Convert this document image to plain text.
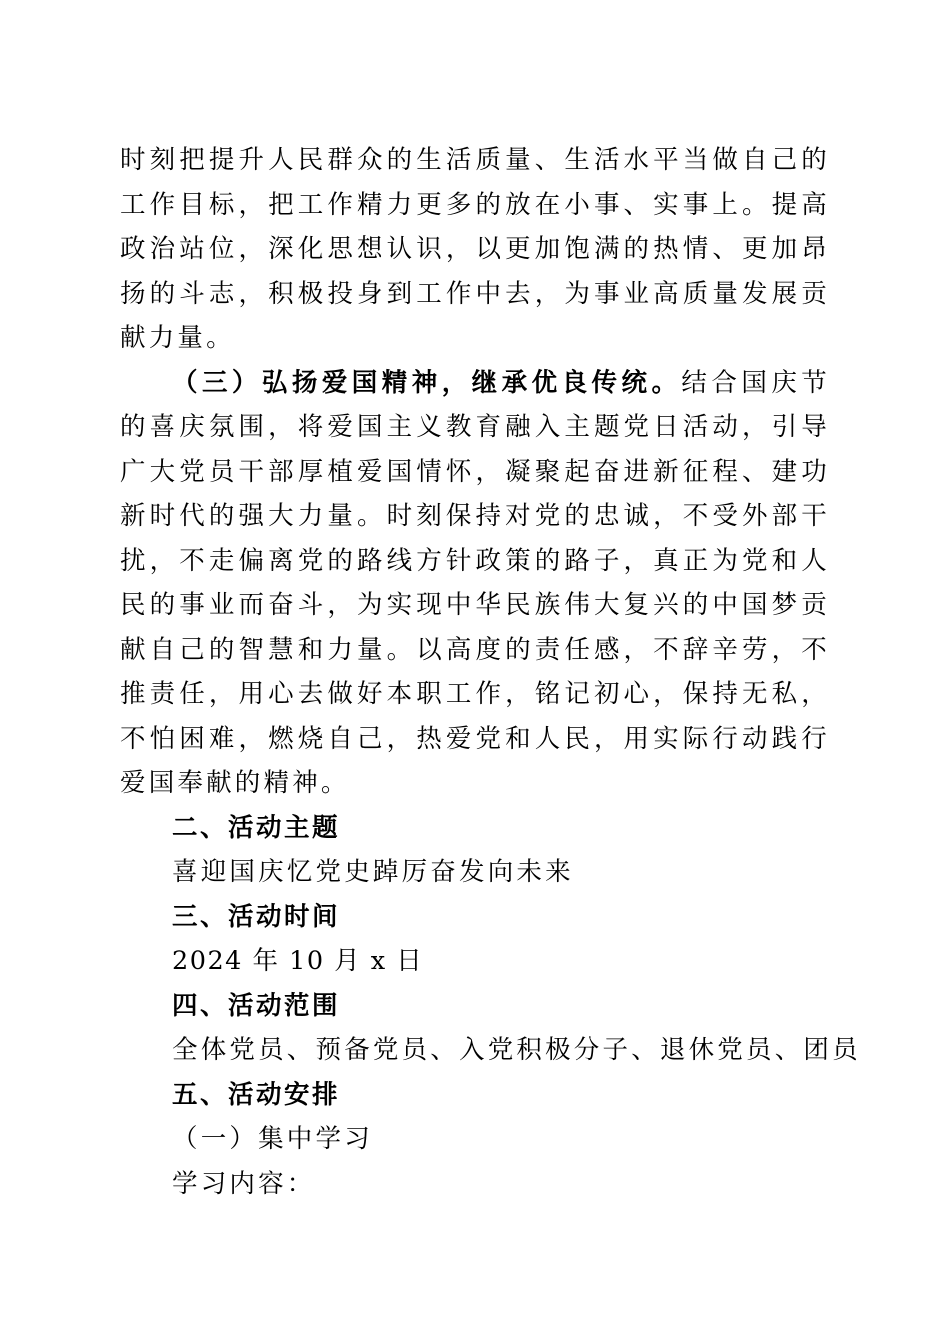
时刻把提升人民群众的生活质量、生活水平当做自己的工作目标，把工作精力更多的放在小事、实事上。提高政治站位，深化思想认识，以更加饱满的热情、更加昂扬的斗志，积极投身到工作中去，为事业高质量发展贡献力量。

（三）弘扬爱国精神，继承优良传统。结合国庆节的喜庆氛围，将爱国主义教育融入主题党日活动，引导广大党员干部厚植爱国情怀，凝聚起奋进新征程、建功新时代的强大力量。时刻保持对党的忠诚，不受外部干扰，不走偏离党的路线方针政策的路子，真正为党和人民的事业而奋斗，为实现中华民族伟大复兴的中国梦贡献自己的智慧和力量。以高度的责任感，不辞辛劳，不推责任，用心去做好本职工作，铭记初心，保持无私，不怕困难，燃烧自己，热爱党和人民，用实际行动践行爱国奉献的精神。

二、活动主题

喜迎国庆忆党史踔厉奋发向未来

三、活动时间

2024 年 10 月 x 日

四、活动范围

全体党员、预备党员、入党积极分子、退休党员、团员

五、活动安排

（一）集中学习

学习内容：
